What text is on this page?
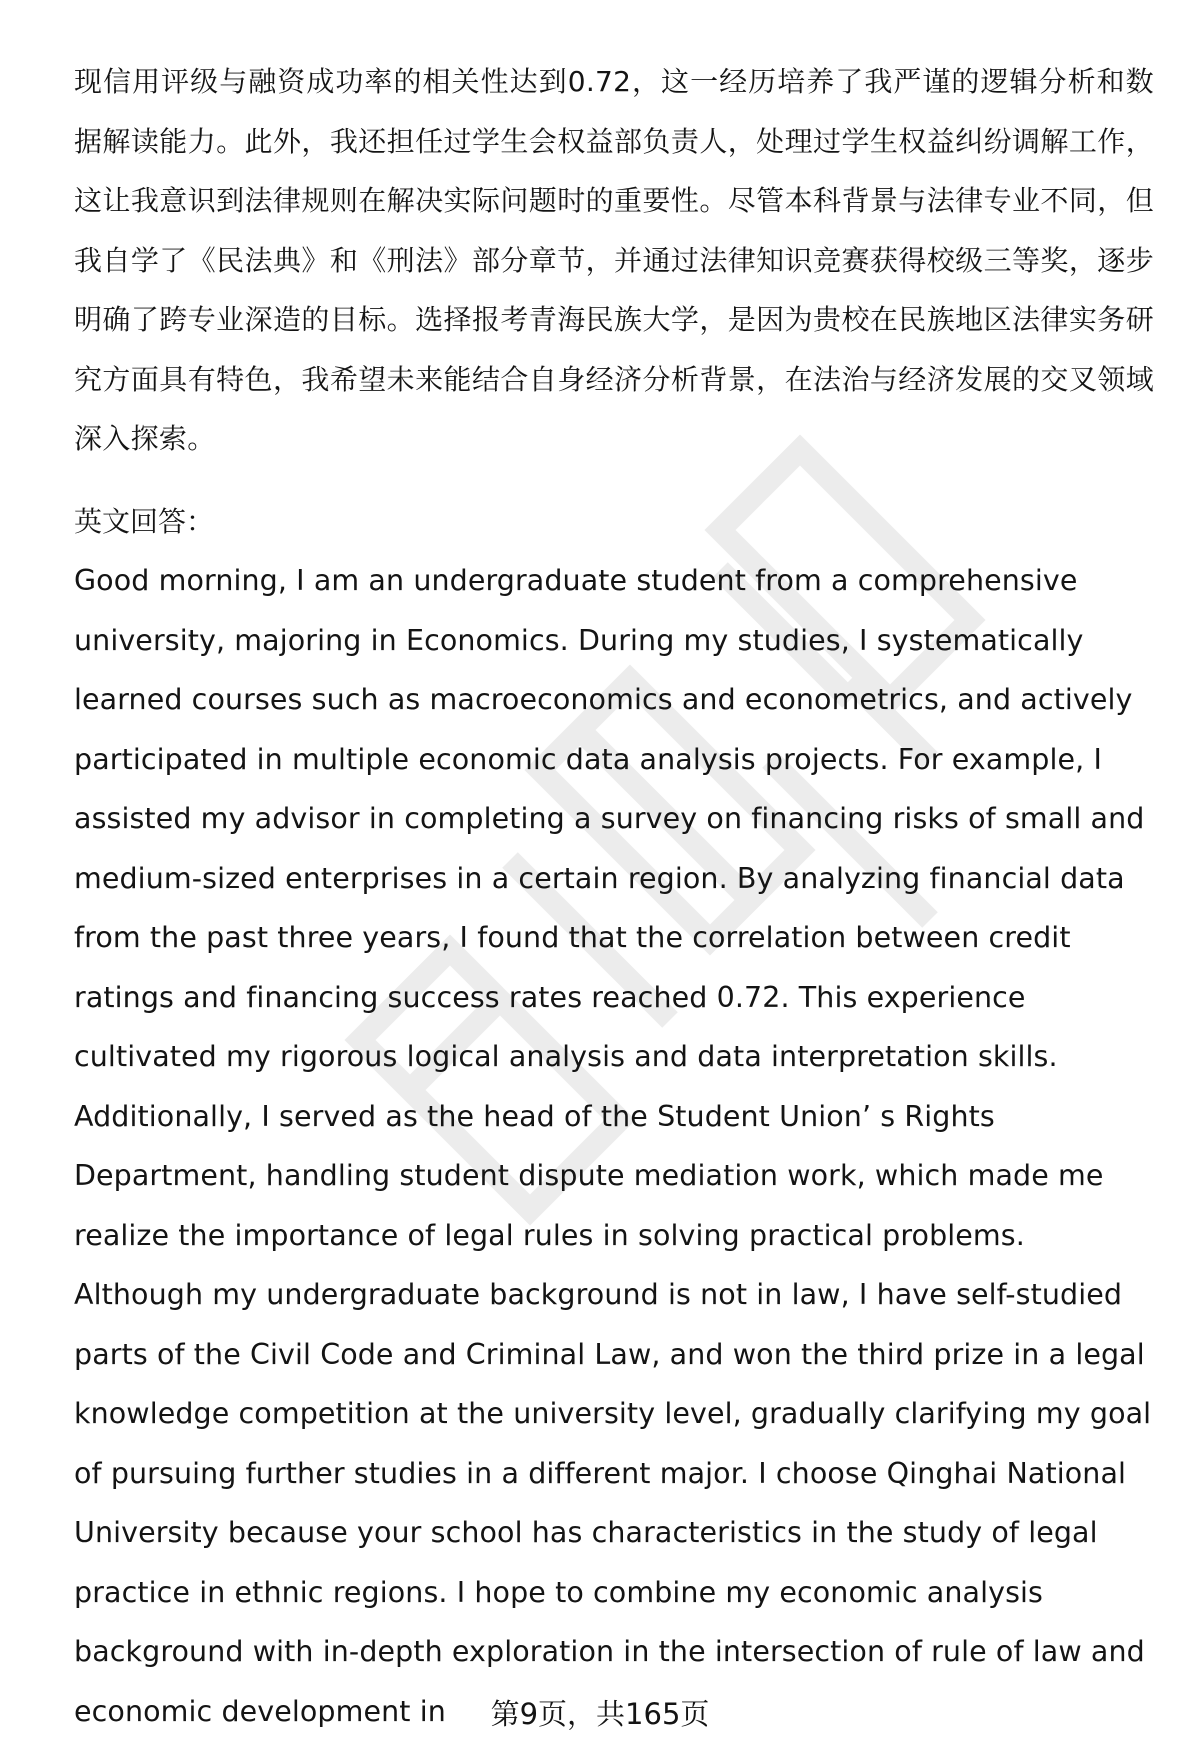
现信用评级与融资成功率的相关性达到0.72，这一经历培养了我严谨的逻辑分析和数据解读能力。此外，我还担任过学生会权益部负责人，处理过学生权益纠纷调解工作，这让我意识到法律规则在解决实际问题时的重要性。尽管本科背景与法律专业不同，但我自学了《民法典》和《刑法》部分章节，并通过法律知识竞赛获得校级三等奖，逐步明确了跨专业深造的目标。选择报考青海民族大学，是因为贵校在民族地区法律实务研究方面具有特色，我希望未来能结合自身经济分析背景，在法治与经济发展的交叉领域深入探索。

英文回答：

Good morning, I am an undergraduate student from a comprehensive university, majoring in Economics. During my studies, I systematically learned courses such as macroeconomics and econometrics, and actively participated in multiple economic data analysis projects. For example, I assisted my advisor in completing a survey on financing risks of small and medium-sized enterprises in a certain region. By analyzing financial data from the past three years, I found that the correlation between credit ratings and financing success rates reached 0.72. This experience cultivated my rigorous logical analysis and data interpretation skills. Additionally, I served as the head of the Student Union’ s Rights Department, handling student dispute mediation work, which made me realize the importance of legal rules in solving practical problems. Although my undergraduate background is not in law, I have self-studied parts of the Civil Code and Criminal Law, and won the third prize in a legal knowledge competition at the university level, gradually clarifying my goal of pursuing further studies in a different major. I choose Qinghai National University because your school has characteristics in the study of legal practice in ethnic regions. I hope to combine my economic analysis background with in-depth exploration in the intersection of rule of law and economic development in	第9页，共165页
